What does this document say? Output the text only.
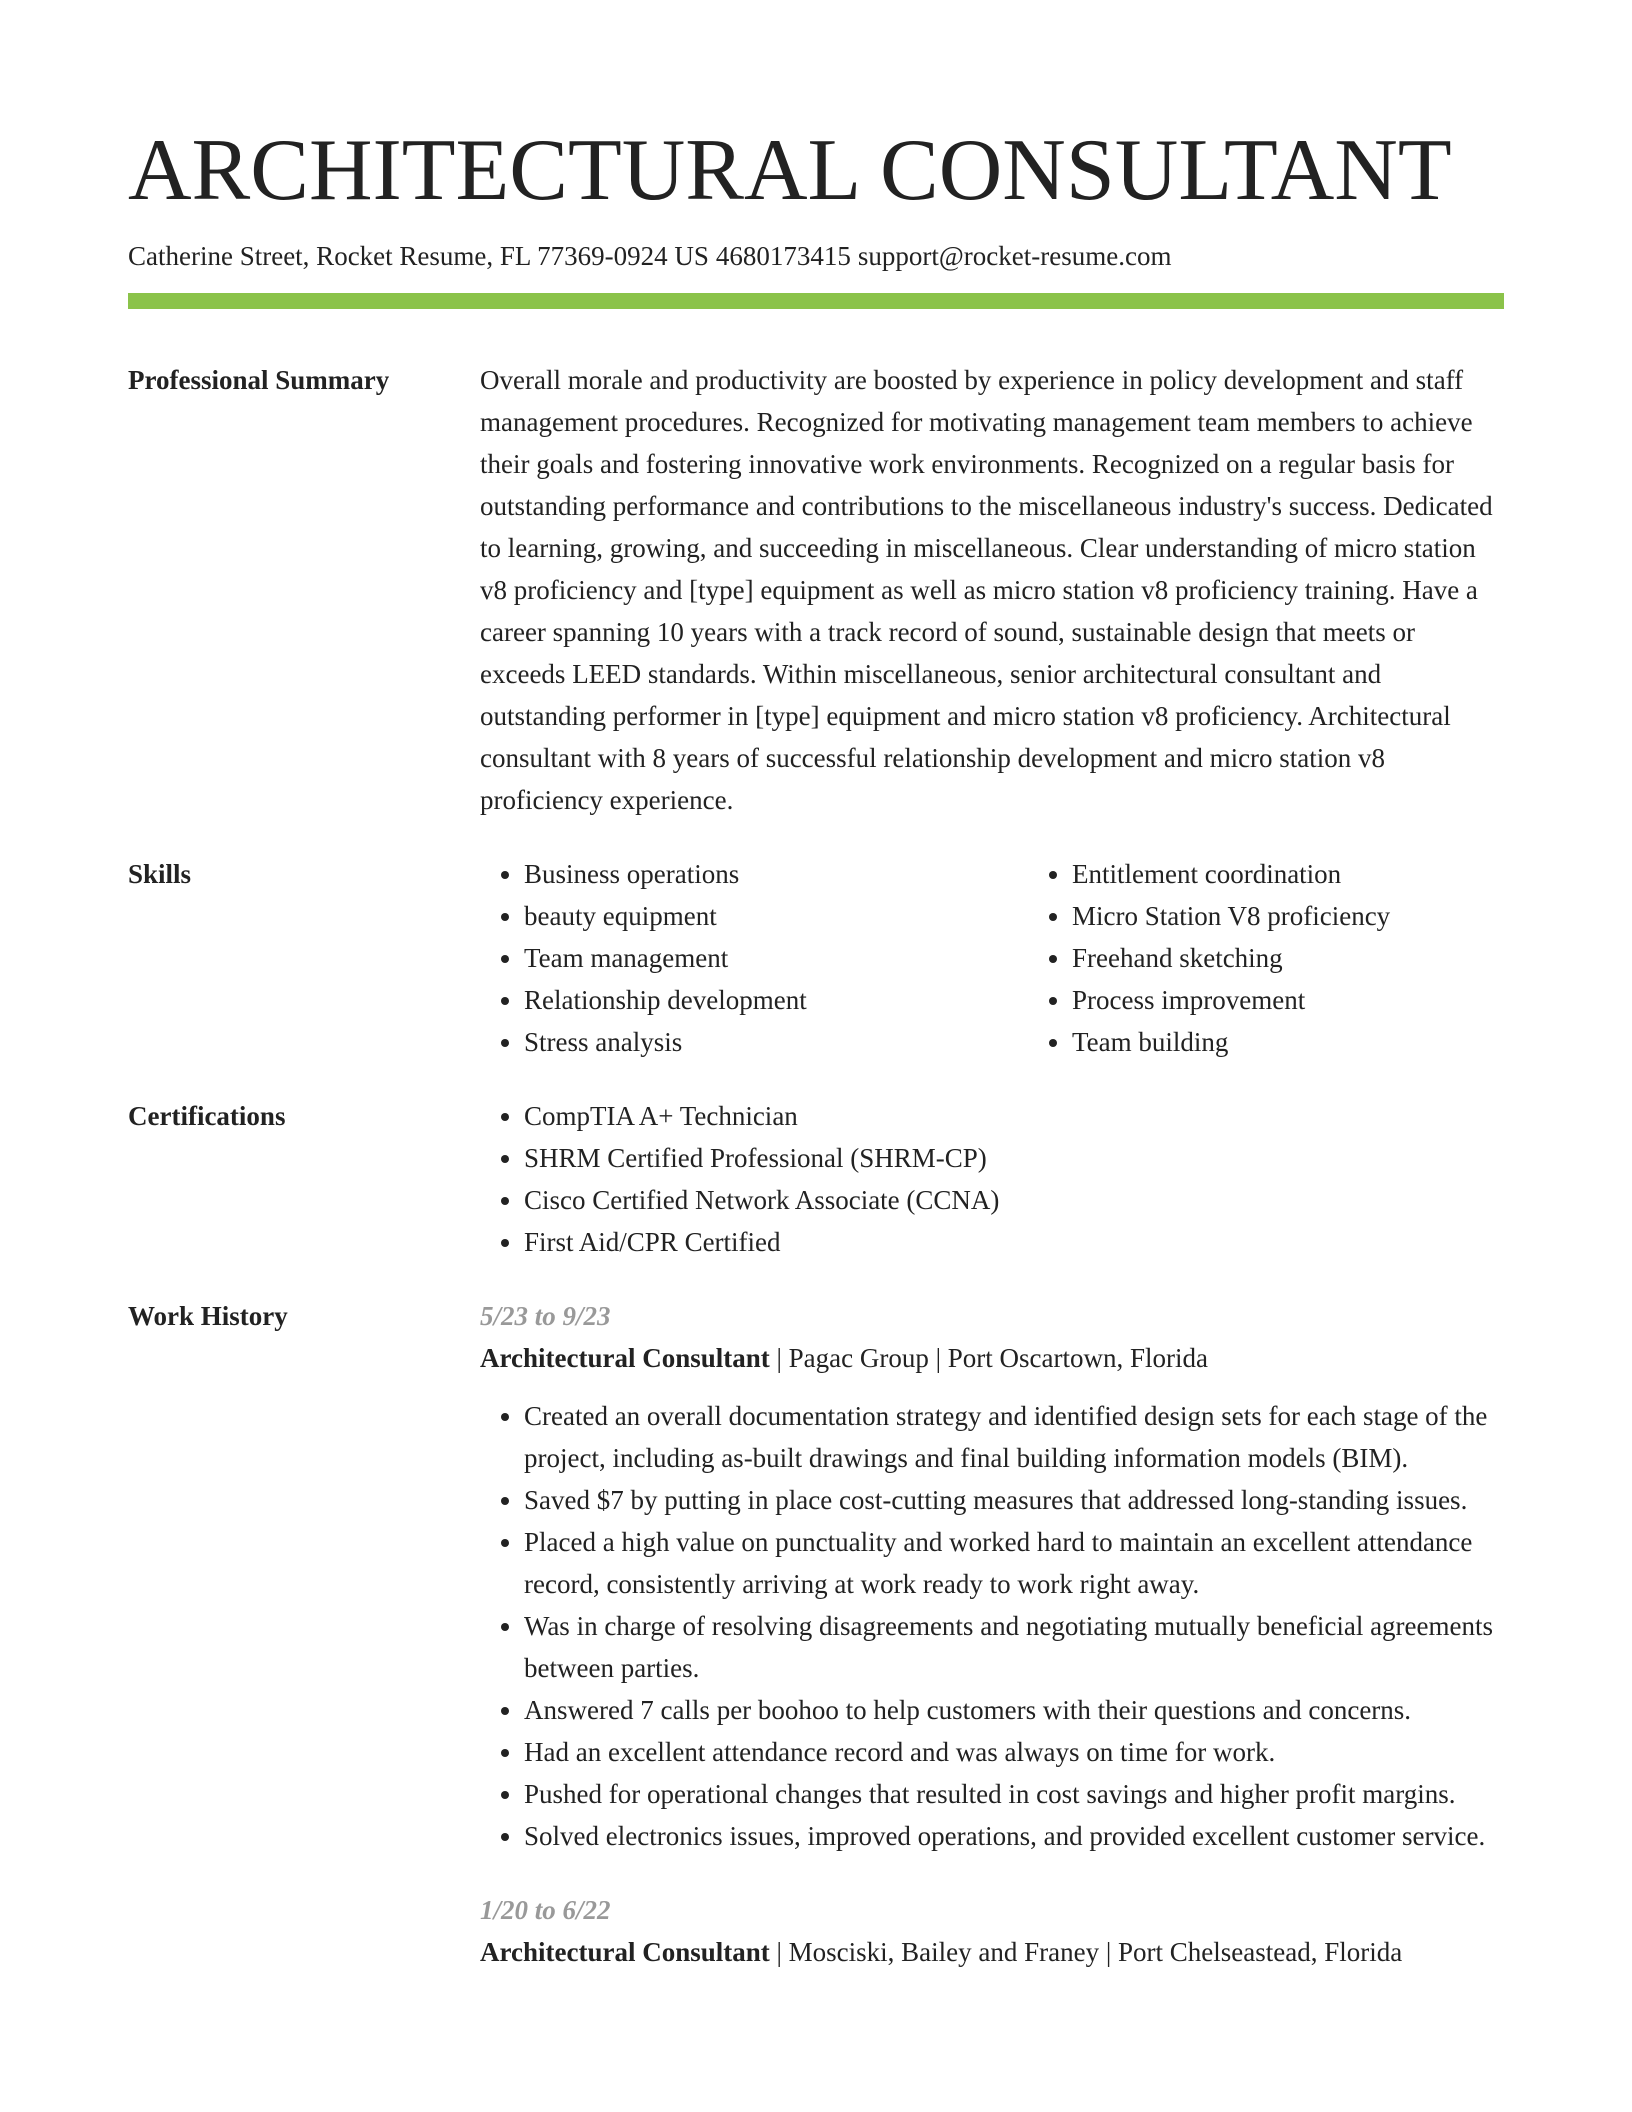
ARCHITECTURAL CONSULTANT
Catherine Street, Rocket Resume, FL 77369-0924 US 4680173415 support@rocket-resume.com
Professional Summary	Overall morale and productivity are boosted by experience in policy development and staff management procedures. Recognized for motivating management team members to achieve their goals and fostering innovative work environments. Recognized on a regular basis for outstanding performance and contributions to the miscellaneous industry's success. Dedicated to learning, growing, and succeeding in miscellaneous. Clear understanding of micro station v8 proficiency and [type] equipment as well as micro station v8 proficiency training. Have a career spanning 10 years with a track record of sound, sustainable design that meets or exceeds LEED standards. Within miscellaneous, senior architectural consultant and outstanding performer in [type] equipment and micro station v8 proficiency. Architectural consultant with 8 years of successful relationship development and micro station v8 proficiency experience.

Skills	• Business operations
• beauty equipment
• Team management
• Relationship development
• Stress analysis
• Entitlement coordination
• Micro Station V8 proficiency
• Freehand sketching
• Process improvement
• Team building
Certifications	• CompTIA A+ Technician
• SHRM Certified Professional (SHRM-CP)
• Cisco Certified Network Associate (CCNA)
• First Aid/CPR Certified
Work History	5/23 to 9/23
Architectural Consultant | Pagac Group | Port Oscartown, Florida
• Created an overall documentation strategy and identified design sets for each stage of the project, including as-built drawings and final building information models (BIM).
• Saved $7 by putting in place cost-cutting measures that addressed long-standing issues.
• Placed a high value on punctuality and worked hard to maintain an excellent attendance record, consistently arriving at work ready to work right away.
• Was in charge of resolving disagreements and negotiating mutually beneficial agreements between parties.
• Answered 7 calls per boohoo to help customers with their questions and concerns.
• Had an excellent attendance record and was always on time for work.
• Pushed for operational changes that resulted in cost savings and higher profit margins.
• Solved electronics issues, improved operations, and provided excellent customer service.
1/20 to 6/22
Architectural Consultant | Mosciski, Bailey and Franey | Port Chelseastead, Florida
